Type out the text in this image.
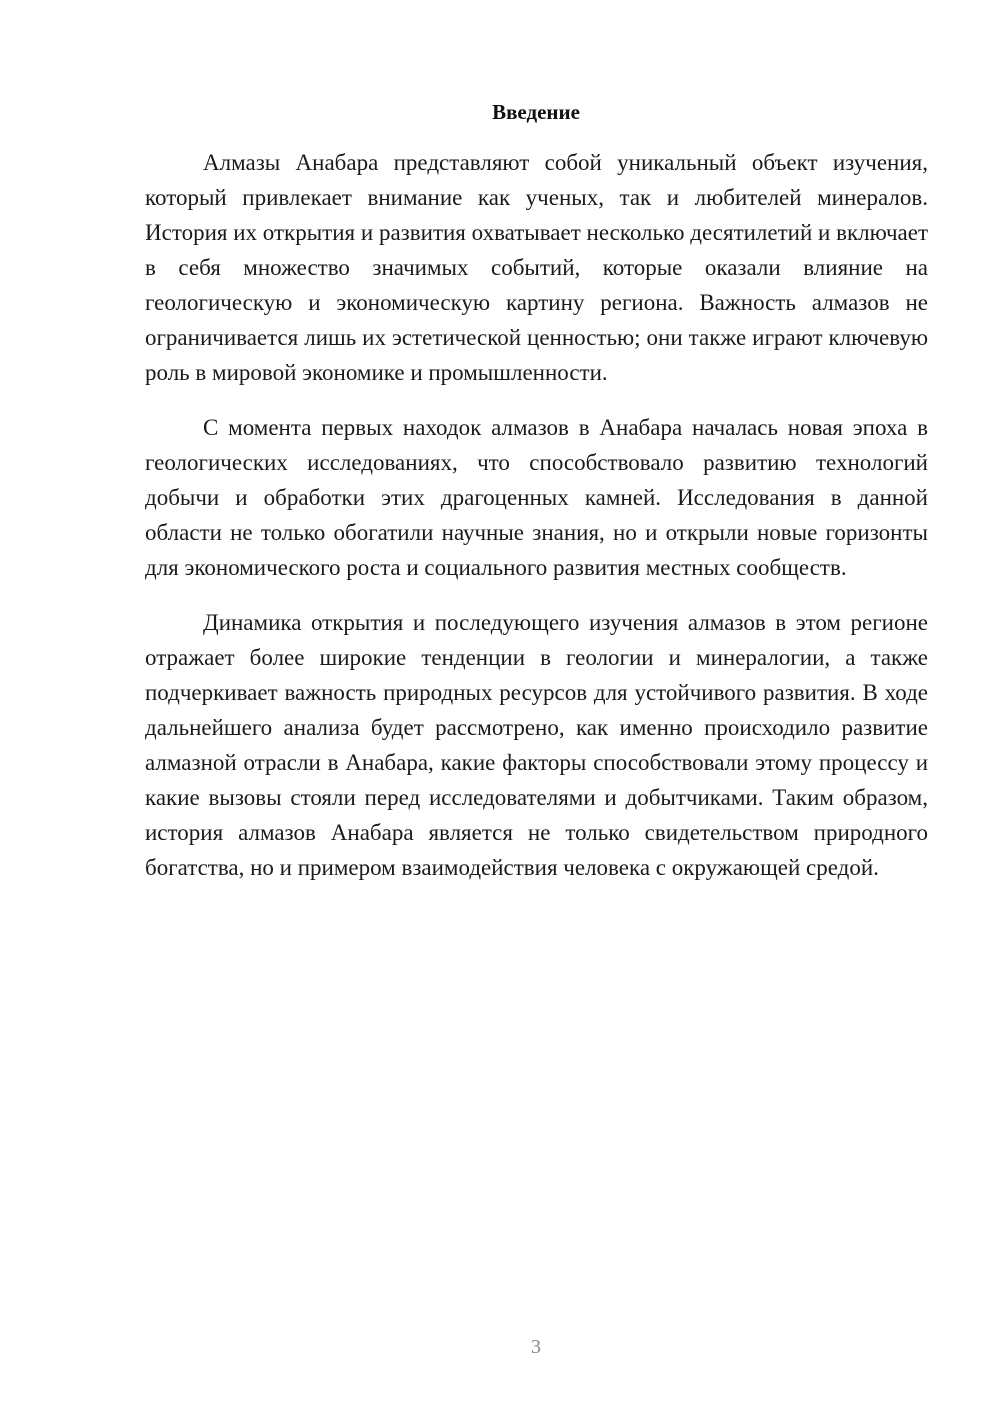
Введение

Алмазы Анабара представляют собой уникальный объект изучения, который привлекает внимание как ученых, так и любителей минералов. История их открытия и развития охватывает несколько десятилетий и включает в себя множество значимых событий, которые оказали влияние на геологическую и экономическую картину региона. Важность алмазов не ограничивается лишь их эстетической ценностью; они также играют ключевую роль в мировой экономике и промышленности.

С момента первых находок алмазов в Анабара началась новая эпоха в геологических исследованиях, что способствовало развитию технологий добычи и обработки этих драгоценных камней. Исследования в данной области не только обогатили научные знания, но и открыли новые горизонты для экономического роста и социального развития местных сообществ.

Динамика открытия и последующего изучения алмазов в этом регионе отражает более широкие тенденции в геологии и минералогии, а также подчеркивает важность природных ресурсов для устойчивого развития. В ходе дальнейшего анализа будет рассмотрено, как именно происходило развитие алмазной отрасли в Анабара, какие факторы способствовали этому процессу и какие вызовы стояли перед исследователями и добытчиками. Таким образом, история алмазов Анабара является не только свидетельством природного богатства, но и примером взаимодействия человека с окружающей средой.

3
